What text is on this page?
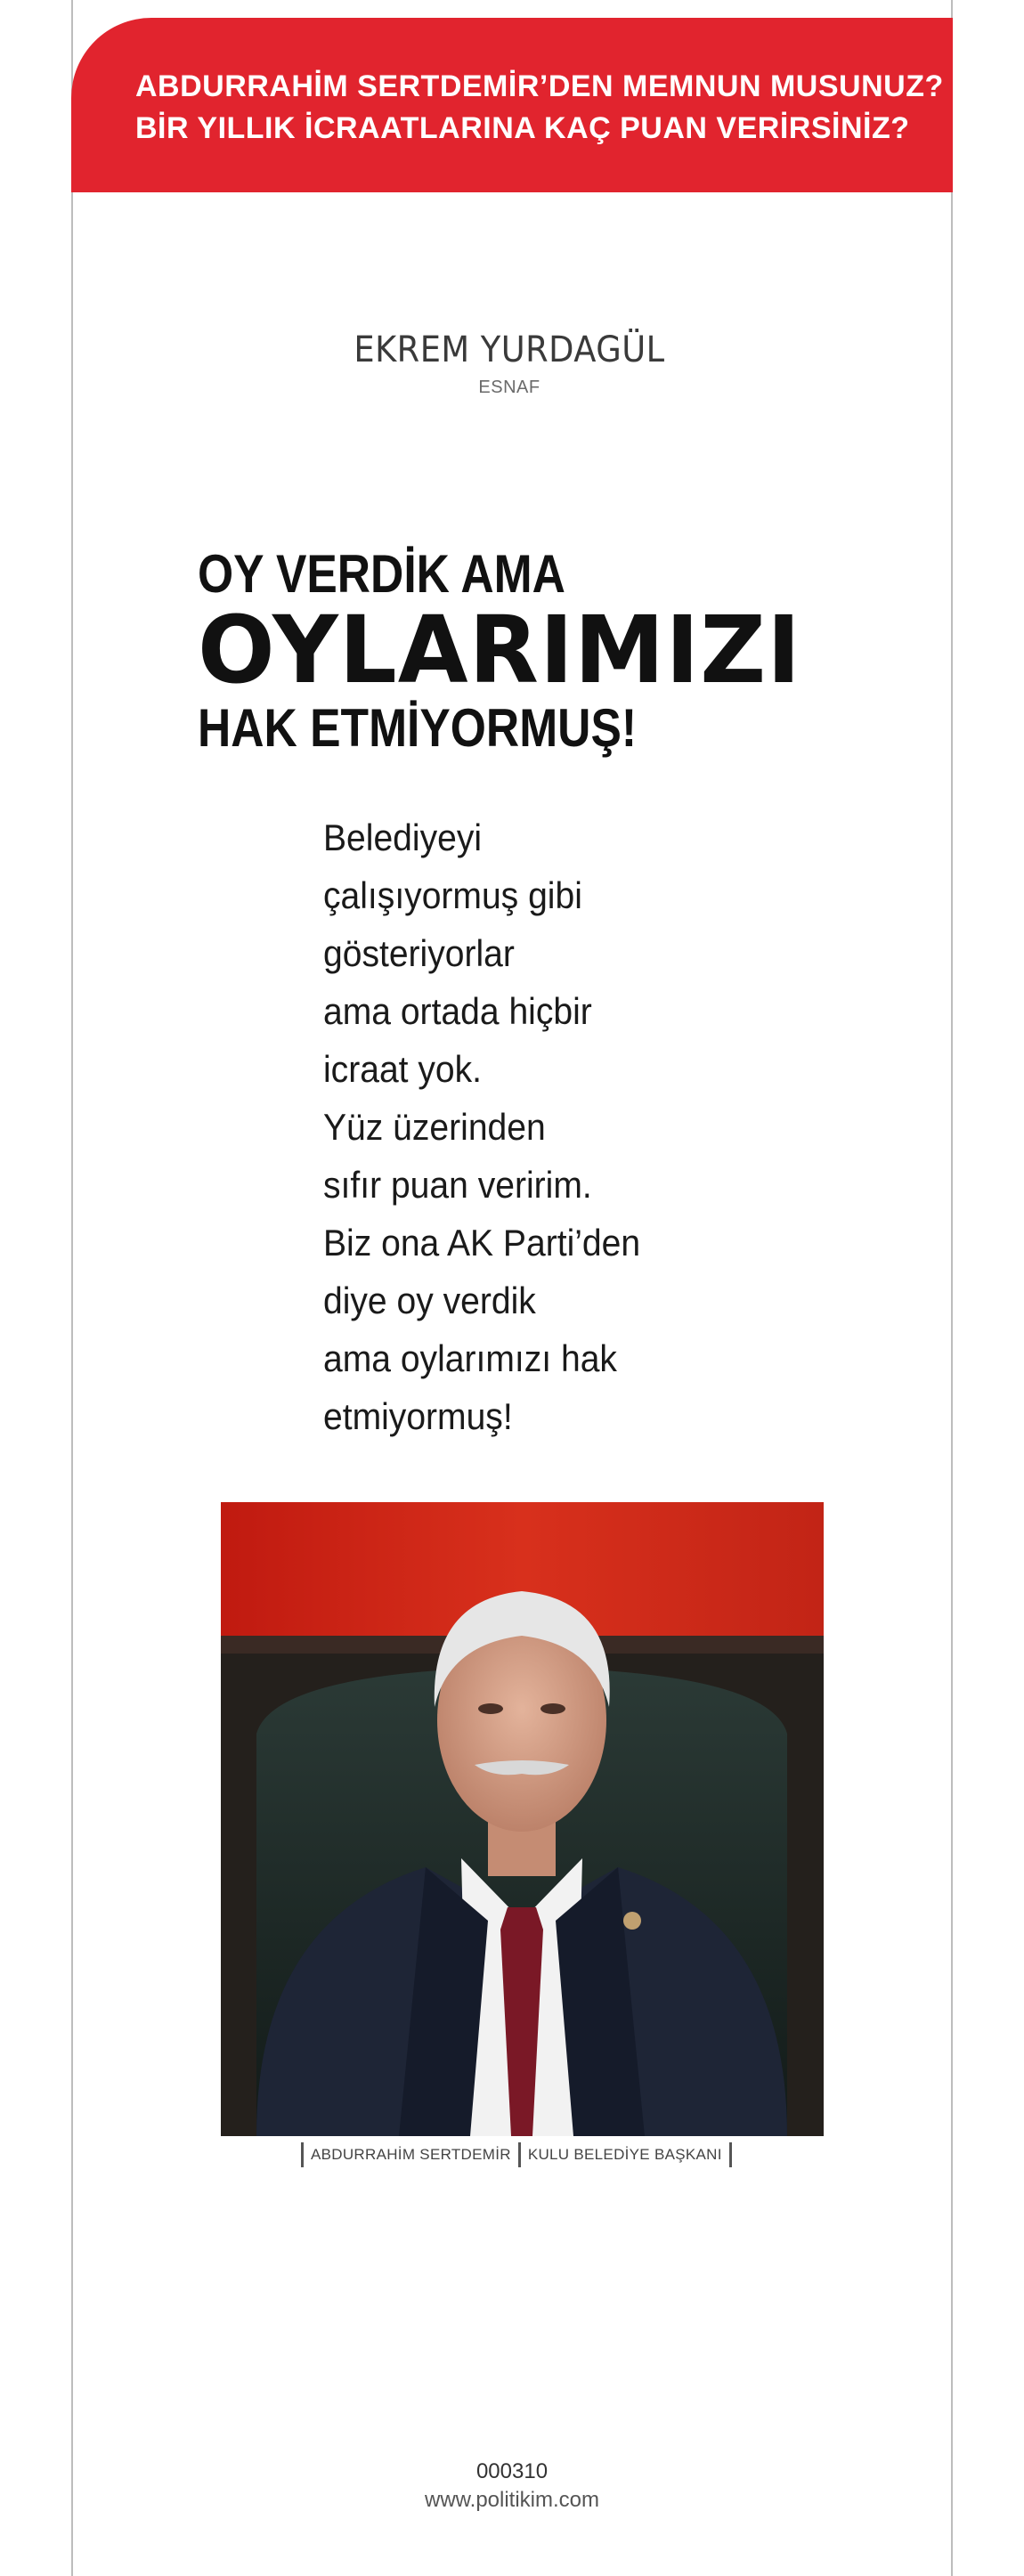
ABDURRAHİM SERTDEMİR’DEN MEMNUN MUSUNUZ?
BİR YILLIK İCRAATLARINA KAÇ PUAN VERİRSİNİZ?
EKREM YURDAGÜL
ESNAF
OY VERDİK AMA
OYLARIMIZI
HAK ETMİYORMUŞ!
Belediyeyi
çalışıyormuş gibi
gösteriyorlar
ama ortada hiçbir
icraat yok.
Yüz üzerinden
sıfır puan veririm.
Biz ona AK Parti’den
diye oy verdik
ama oylarımızı hak
etmiyormuş!
ABDURRAHİM SERTDEMİR KULU BELEDİYE BAŞKANI
000310
www.politikim.com
